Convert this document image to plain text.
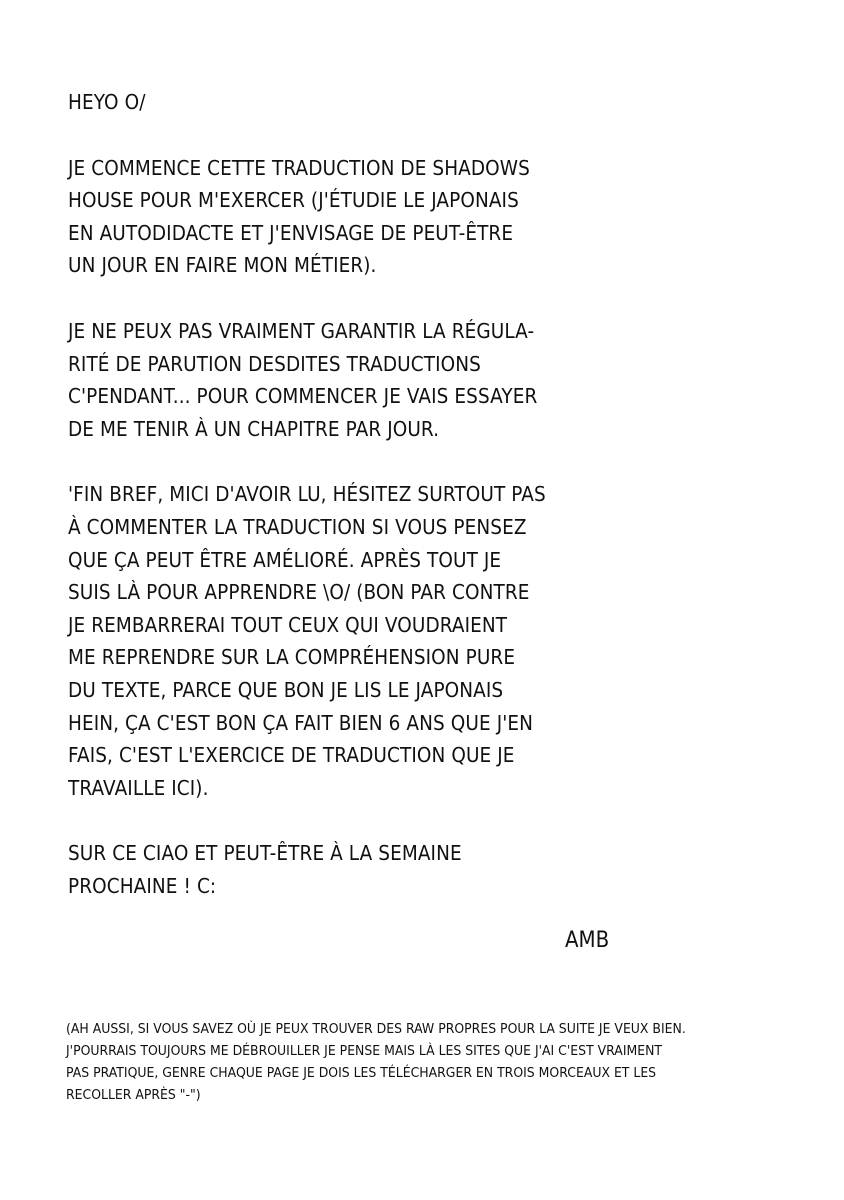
HEYO O/

JE COMMENCE CETTE TRADUCTION DE SHADOWS
HOUSE POUR M'EXERCER (J'ÉTUDIE LE JAPONAIS
EN AUTODIDACTE ET J'ENVISAGE DE PEUT-ÊTRE
UN JOUR EN FAIRE MON MÉTIER).

JE NE PEUX PAS VRAIMENT GARANTIR LA RÉGULA-
RITÉ DE PARUTION DESDITES TRADUCTIONS
C'PENDANT... POUR COMMENCER JE VAIS ESSAYER
DE ME TENIR À UN CHAPITRE PAR JOUR.

'FIN BREF, MICI D'AVOIR LU, HÉSITEZ SURTOUT PAS
À COMMENTER LA TRADUCTION SI VOUS PENSEZ
QUE ÇA PEUT ÊTRE AMÉLIORÉ. APRÈS TOUT JE
SUIS LÀ POUR APPRENDRE \O/ (BON PAR CONTRE
JE REMBARRERAI TOUT CEUX QUI VOUDRAIENT
ME REPRENDRE SUR LA COMPRÉHENSION PURE
DU TEXTE, PARCE QUE BON JE LIS LE JAPONAIS
HEIN, ÇA C'EST BON ÇA FAIT BIEN 6 ANS QUE J'EN
FAIS, C'EST L'EXERCICE DE TRADUCTION QUE JE
TRAVAILLE ICI).

SUR CE CIAO ET PEUT-ÊTRE À LA SEMAINE
PROCHAINE ! C:

AMB
(AH AUSSI, SI VOUS SAVEZ OÙ JE PEUX TROUVER DES RAW PROPRES POUR LA SUITE JE VEUX BIEN.
J'POURRAIS TOUJOURS ME DÉBROUILLER JE PENSE MAIS LÀ LES SITES QUE J'AI C'EST VRAIMENT
PAS PRATIQUE, GENRE CHAQUE PAGE JE DOIS LES TÉLÉCHARGER EN TROIS MORCEAUX ET LES
RECOLLER APRÈS "-")
